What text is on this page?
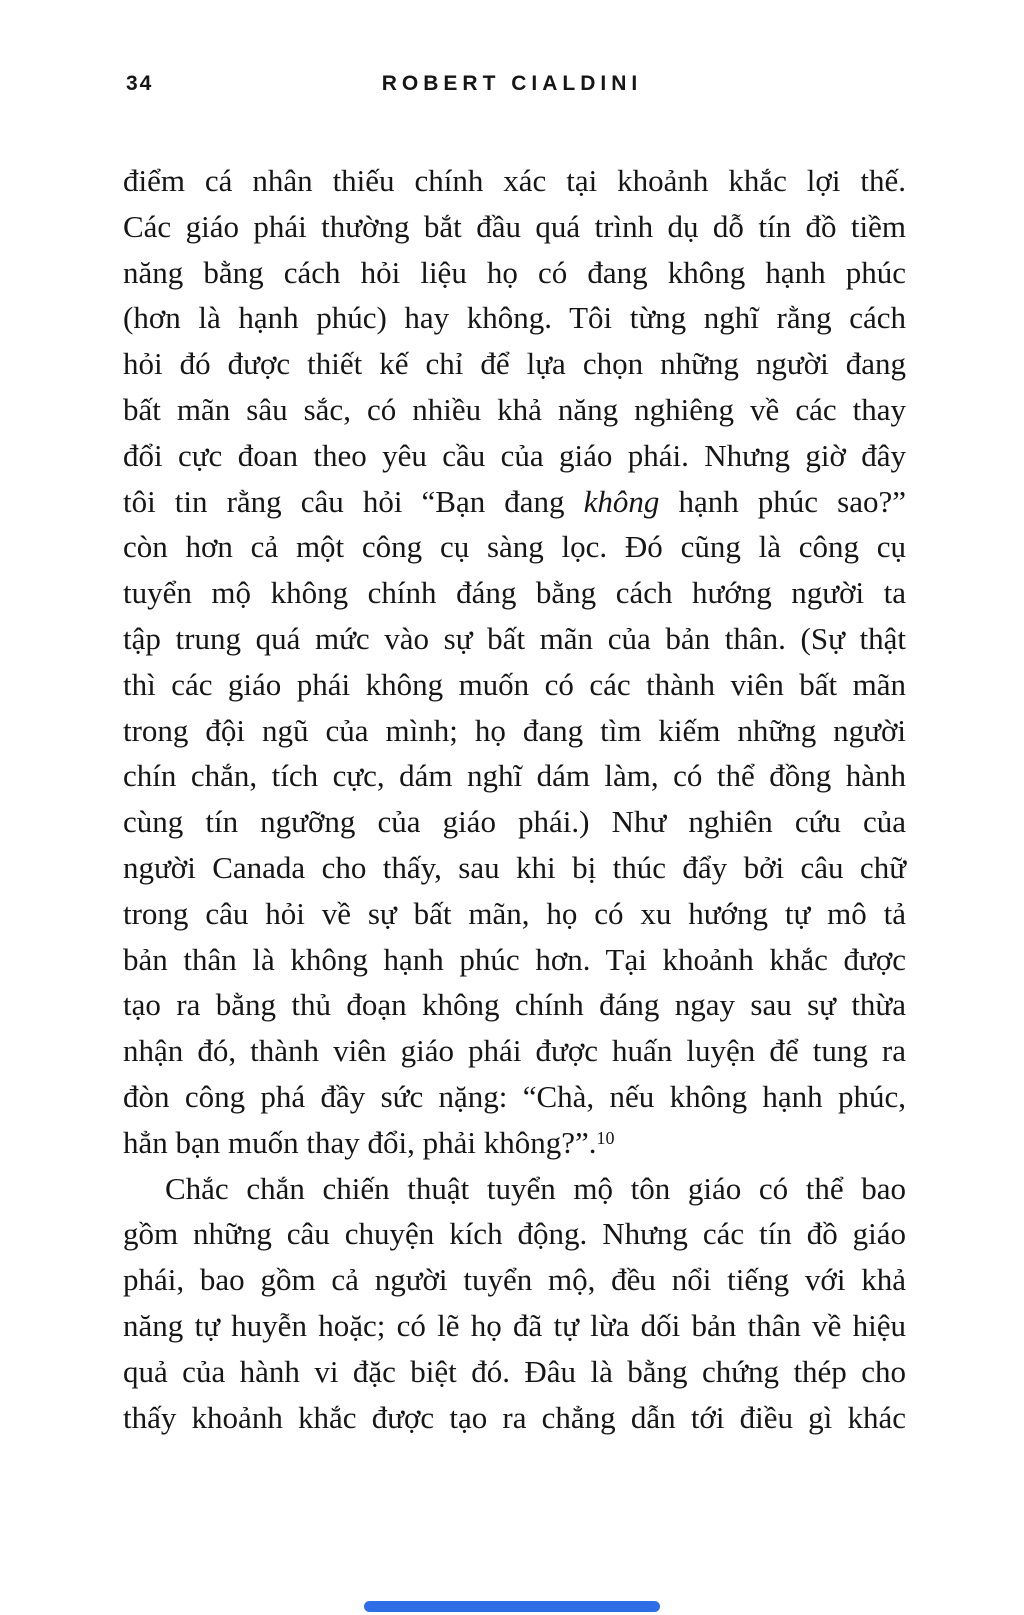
34	ROBERT CIALDINI
điểm cá nhân thiếu chính xác tại khoảnh khắc lợi thế.
Các giáo phái thường bắt đầu quá trình dụ dỗ tín đồ tiềm
năng bằng cách hỏi liệu họ có đang không hạnh phúc
(hơn là hạnh phúc) hay không. Tôi từng nghĩ rằng cách
hỏi đó được thiết kế chỉ để lựa chọn những người đang
bất mãn sâu sắc, có nhiều khả năng nghiêng về các thay
đổi cực đoan theo yêu cầu của giáo phái. Nhưng giờ đây
tôi tin rằng câu hỏi “Bạn đang không hạnh phúc sao?”
còn hơn cả một công cụ sàng lọc. Đó cũng là công cụ
tuyển mộ không chính đáng bằng cách hướng người ta
tập trung quá mức vào sự bất mãn của bản thân. (Sự thật
thì các giáo phái không muốn có các thành viên bất mãn
trong đội ngũ của mình; họ đang tìm kiếm những người
chín chắn, tích cực, dám nghĩ dám làm, có thể đồng hành
cùng tín ngưỡng của giáo phái.) Như nghiên cứu của
người Canada cho thấy, sau khi bị thúc đẩy bởi câu chữ
trong câu hỏi về sự bất mãn, họ có xu hướng tự mô tả
bản thân là không hạnh phúc hơn. Tại khoảnh khắc được
tạo ra bằng thủ đoạn không chính đáng ngay sau sự thừa
nhận đó, thành viên giáo phái được huấn luyện để tung ra
đòn công phá đầy sức nặng: “Chà, nếu không hạnh phúc,
hẳn bạn muốn thay đổi, phải không?”.$^{10}$
Chắc chắn chiến thuật tuyển mộ tôn giáo có thể bao
gồm những câu chuyện kích động. Nhưng các tín đồ giáo
phái, bao gồm cả người tuyển mộ, đều nổi tiếng với khả
năng tự huyễn hoặc; có lẽ họ đã tự lừa dối bản thân về hiệu
quả của hành vi đặc biệt đó. Đâu là bằng chứng thép cho
thấy khoảnh khắc được tạo ra chẳng dẫn tới điều gì khác
